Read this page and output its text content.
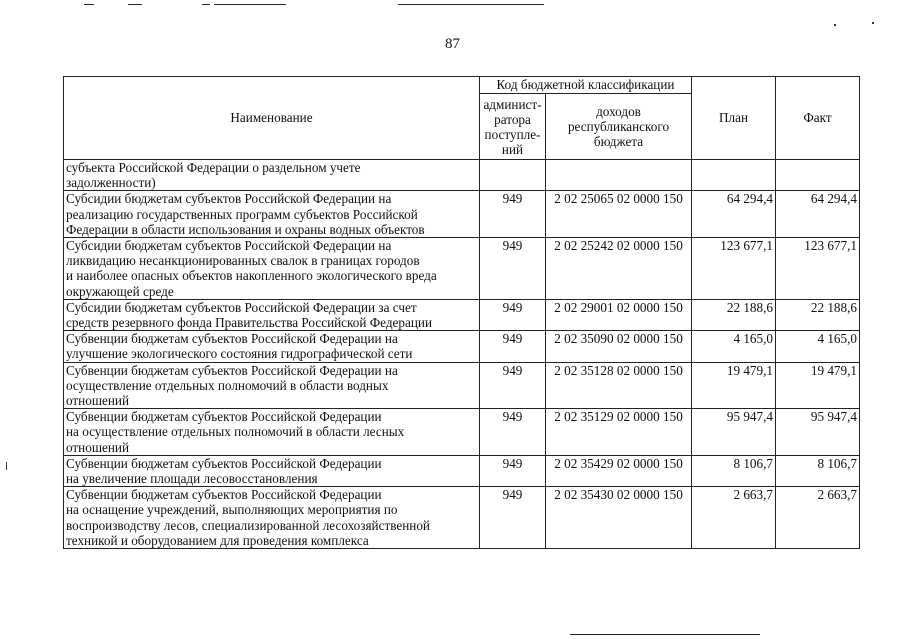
87
Наименование	Код бюджетной классификации		План	Факт
	админист-
ратора
поступле-
ний	доходов
республиканского
бюджета		
субъекта Российской Федерации о раздельном учете
задолженности)				
Субсидии бюджетам субъектов Российской Федерации на
реализацию государственных программ субъектов Российской
Федерации в области использования и охраны водных объектов	949	2 02 25065 02 0000 150	64 294,4	64 294,4
Субсидии бюджетам субъектов Российской Федерации на
ликвидацию несанкционированных свалок в границах городов
и наиболее опасных объектов накопленного экологического вреда
окружающей среде	949	2 02 25242 02 0000 150	123 677,1	123 677,1
Субсидии бюджетам субъектов Российской Федерации за счет
средств резервного фонда Правительства Российской Федерации	949	2 02 29001 02 0000 150	22 188,6	22 188,6
Субвенции бюджетам субъектов Российской Федерации на
улучшение экологического состояния гидрографической сети	949	2 02 35090 02 0000 150	4 165,0	4 165,0
Субвенции бюджетам субъектов Российской Федерации на
осуществление отдельных полномочий в области водных
отношений	949	2 02 35128 02 0000 150	19 479,1	19 479,1
Субвенции бюджетам субъектов Российской Федерации
на осуществление отдельных полномочий в области лесных
отношений	949	2 02 35129 02 0000 150	95 947,4	95 947,4
Субвенции бюджетам субъектов Российской Федерации
на увеличение площади лесовосстановления	949	2 02 35429 02 0000 150	8 106,7	8 106,7
Субвенции бюджетам субъектов Российской Федерации
на оснащение учреждений, выполняющих мероприятия по
воспроизводству лесов, специализированной лесохозяйственной
техникой и оборудованием для проведения комплекса	949	2 02 35430 02 0000 150	2 663,7	2 663,7
